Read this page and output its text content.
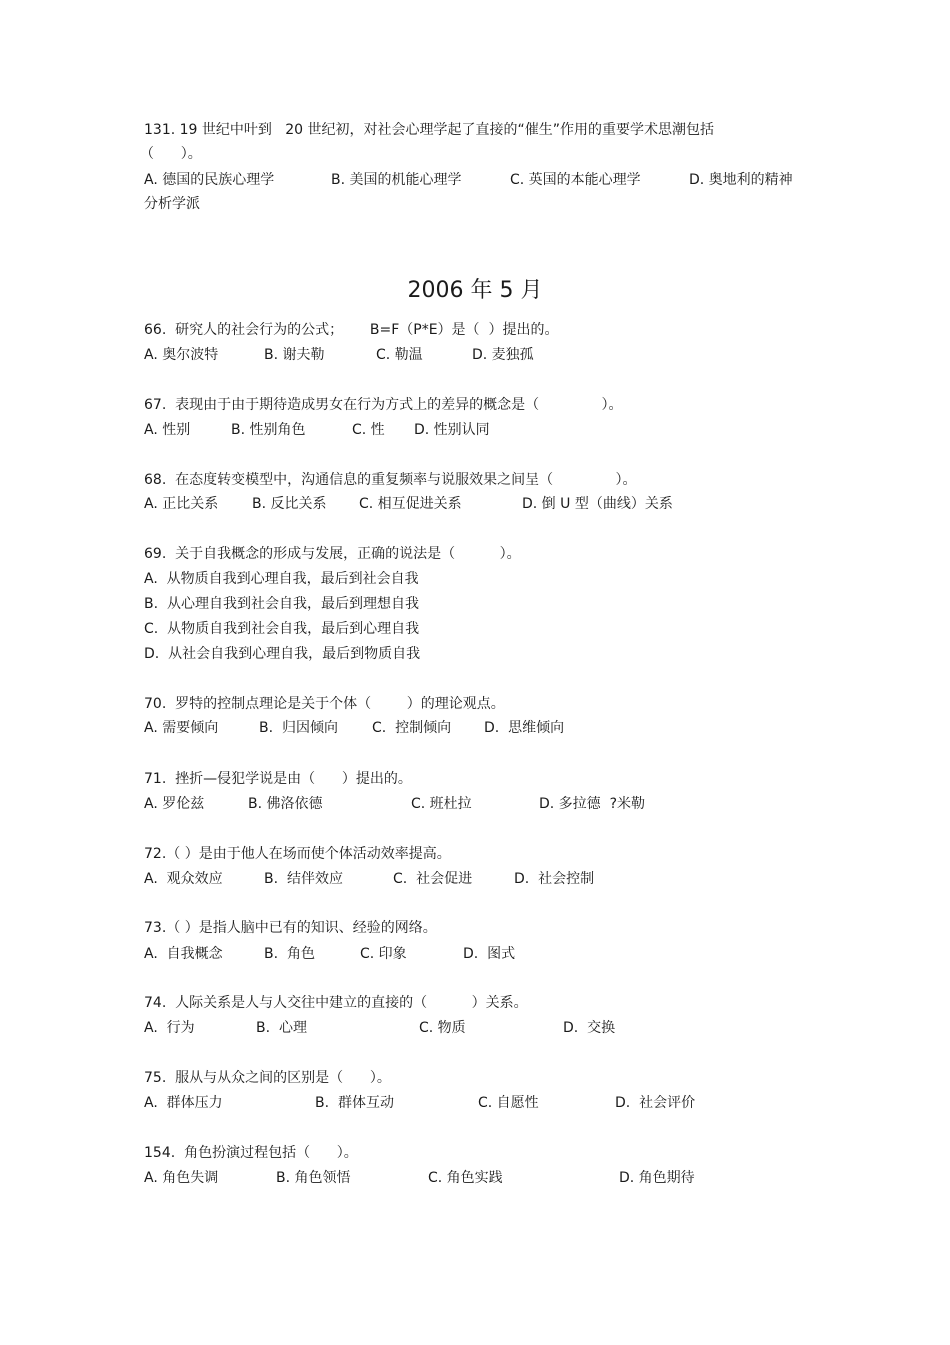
131. 19 世纪中叶到   20 世纪初，对社会心理学起了直接的“催生”作用的重要学术思潮包括
（      ）。
A. 德国的民族心理学	B. 美国的机能心理学	C. 英国的本能心理学	D. 奥地利的精神
分析学派
2006 年 5 月
66.  研究人的社会行为的公式；      B=F（P*E）是（  ）提出的。
A. 奥尔波特	B. 谢夫勒	C. 勒温	D. 麦独孤
67.  表现由于由于期待造成男女在行为方式上的差异的概念是（              ）。
A. 性别	B. 性别角色	C. 性 D. 性别认同
68.  在态度转变模型中，沟通信息的重复频率与说服效果之间呈（              ）。
A. 正比关系 B. 反比关系 C. 相互促进关系	D. 倒 U 型（曲线）关系
69.  关于自我概念的形成与发展，正确的说法是（          ）。
A.  从物质自我到心理自我，最后到社会自我
B.  从心理自我到社会自我，最后到理想自我
C.  从物质自我到社会自我，最后到心理自我
D.  从社会自我到心理自我，最后到物质自我
70.  罗特的控制点理论是关于个体（        ）的理论观点。
A. 需要倾向	B.  归因倾向 C.  控制倾向 D.  思维倾向
71.  挫折—侵犯学说是由（      ）提出的。
A. 罗伦兹	B. 佛洛依德	C. 班杜拉	D. 多拉德  ?米勒
72.（ ）是由于他人在场而使个体活动效率提高。
A.  观众效应	B.  结伴效应	C.  社会促进	D.  社会控制
73.（ ）是指人脑中已有的知识、经验的网络。
A.  自我概念	B.  角色	C. 印象	D.  图式
74.  人际关系是人与人交往中建立的直接的（          ）关系。
A.  行为	B.  心理	C. 物质	D.  交换
75.  服从与从众之间的区别是（      ）。
A.  群体压力	B.  群体互动	C. 自愿性	D.  社会评价
154.  角色扮演过程包括（      ）。
A. 角色失调	B. 角色领悟	C. 角色实践	D. 角色期待
